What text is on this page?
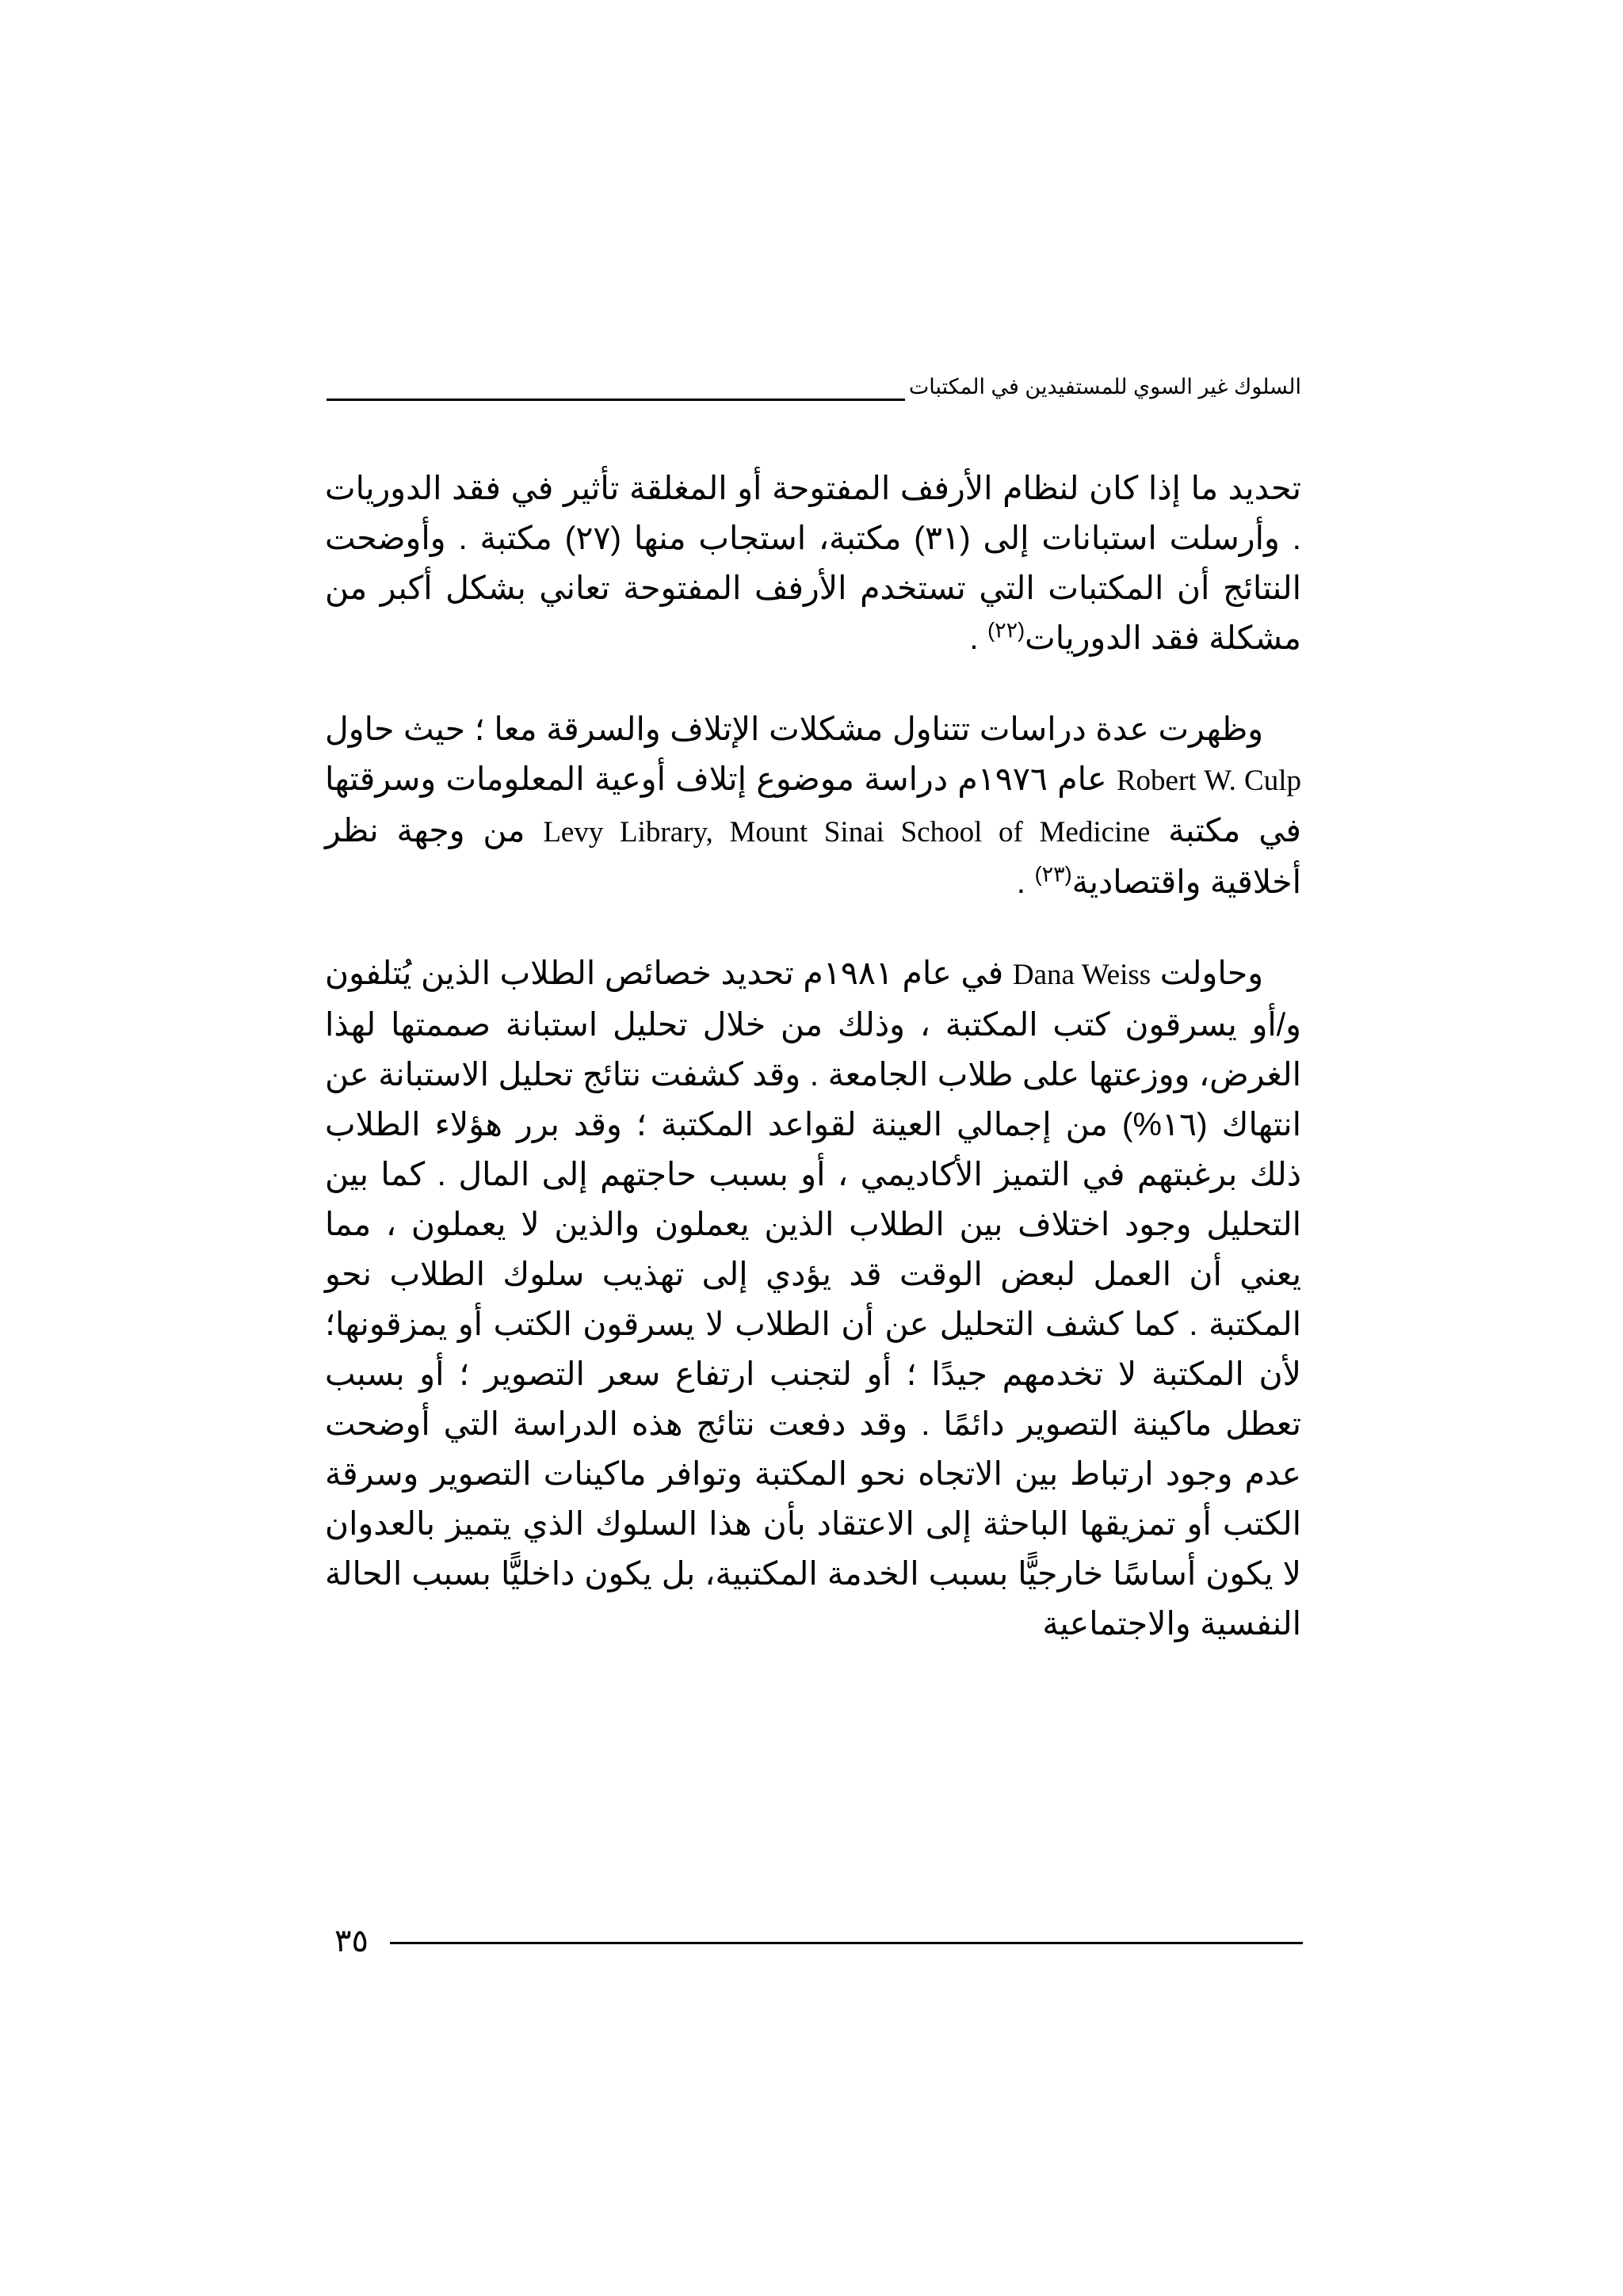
السلوك غير السوي للمستفيدين في المكتبات

تحديد ما إذا كان لنظام الأرفف المفتوحة أو المغلقة تأثير في فقد الدوريات . وأرسلت استبانات إلى (٣١) مكتبة، استجاب منها (٢٧) مكتبة . وأوضحت النتائج أن المكتبات التي تستخدم الأرفف المفتوحة تعاني بشكل أكبر من مشكلة فقد الدوريات$^{(٢٢)}$ .

وظهرت عدة دراسات تتناول مشكلات الإتلاف والسرقة معا ؛ حيث حاول Robert W. Culp عام ١٩٧٦م دراسة موضوع إتلاف أوعية المعلومات وسرقتها في مكتبة Levy Library, Mount Sinai School of Medicine من وجهة نظر أخلاقية واقتصادية$^{(٢٣)}$ .

وحاولت Dana Weiss في عام ١٩٨١م تحديد خصائص الطلاب الذين يُتلفون و/أو يسرقون كتب المكتبة ، وذلك من خلال تحليل استبانة صممتها لهذا الغرض، ووزعتها على طلاب الجامعة . وقد كشفت نتائج تحليل الاستبانة عن انتهاك (١٦%) من إجمالي العينة لقواعد المكتبة ؛ وقد برر هؤلاء الطلاب ذلك برغبتهم في التميز الأكاديمي ، أو بسبب حاجتهم إلى المال . كما بين التحليل وجود اختلاف بين الطلاب الذين يعملون والذين لا يعملون ، مما يعني أن العمل لبعض الوقت قد يؤدي إلى تهذيب سلوك الطلاب نحو المكتبة . كما كشف التحليل عن أن الطلاب لا يسرقون الكتب أو يمزقونها؛ لأن المكتبة لا تخدمهم جيدًا ؛ أو لتجنب ارتفاع سعر التصوير ؛ أو بسبب تعطل ماكينة التصوير دائمًا . وقد دفعت نتائج هذه الدراسة التي أوضحت عدم وجود ارتباط بين الاتجاه نحو المكتبة وتوافر ماكينات التصوير وسرقة الكتب أو تمزيقها الباحثة إلى الاعتقاد بأن هذا السلوك الذي يتميز بالعدوان لا يكون أساسًا خارجيًّا بسبب الخدمة المكتبية، بل يكون داخليًّا بسبب الحالة النفسية والاجتماعية

٣٥
